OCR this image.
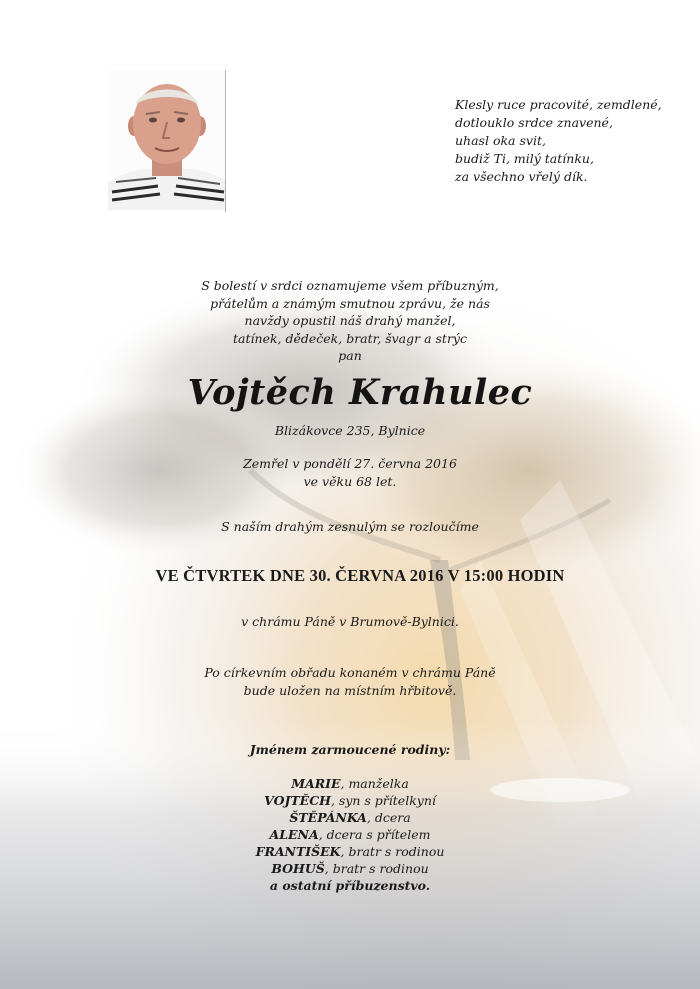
Klesly ruce pracovité, zemdlené,
dotlouklo srdce znavené,
uhasl oka svit,
budiž Ti, milý tatínku,
za všechno vřelý dík.
S bolestí v srdci oznamujeme všem příbuzným,
přátelům a známým smutnou zprávu, že nás
navždy opustil náš drahý manžel,
tatínek, dědeček, bratr, švagr a strýc
pan
Vojtěch Krahulec
Blizákovce 235, Bylnice
Zemřel v pondělí 27. června 2016
ve věku 68 let.
S naším drahým zesnulým se rozloučíme
VE ČTVRTEK DNE 30. ČERVNA 2016 V 15:00 HODIN
v chrámu Páně v Brumově-Bylnici.
Po církevním obřadu konaném v chrámu Páně
bude uložen na místním hřbitově.
Jménem zarmoucené rodiny:
MARIE, manželka
VOJTĚCH, syn s přítelkyní
ŠTĚPÁNKA, dcera
ALENA, dcera s přítelem
FRANTIŠEK, bratr s rodinou
BOHUŠ, bratr s rodinou
a ostatní příbuzenstvo.
